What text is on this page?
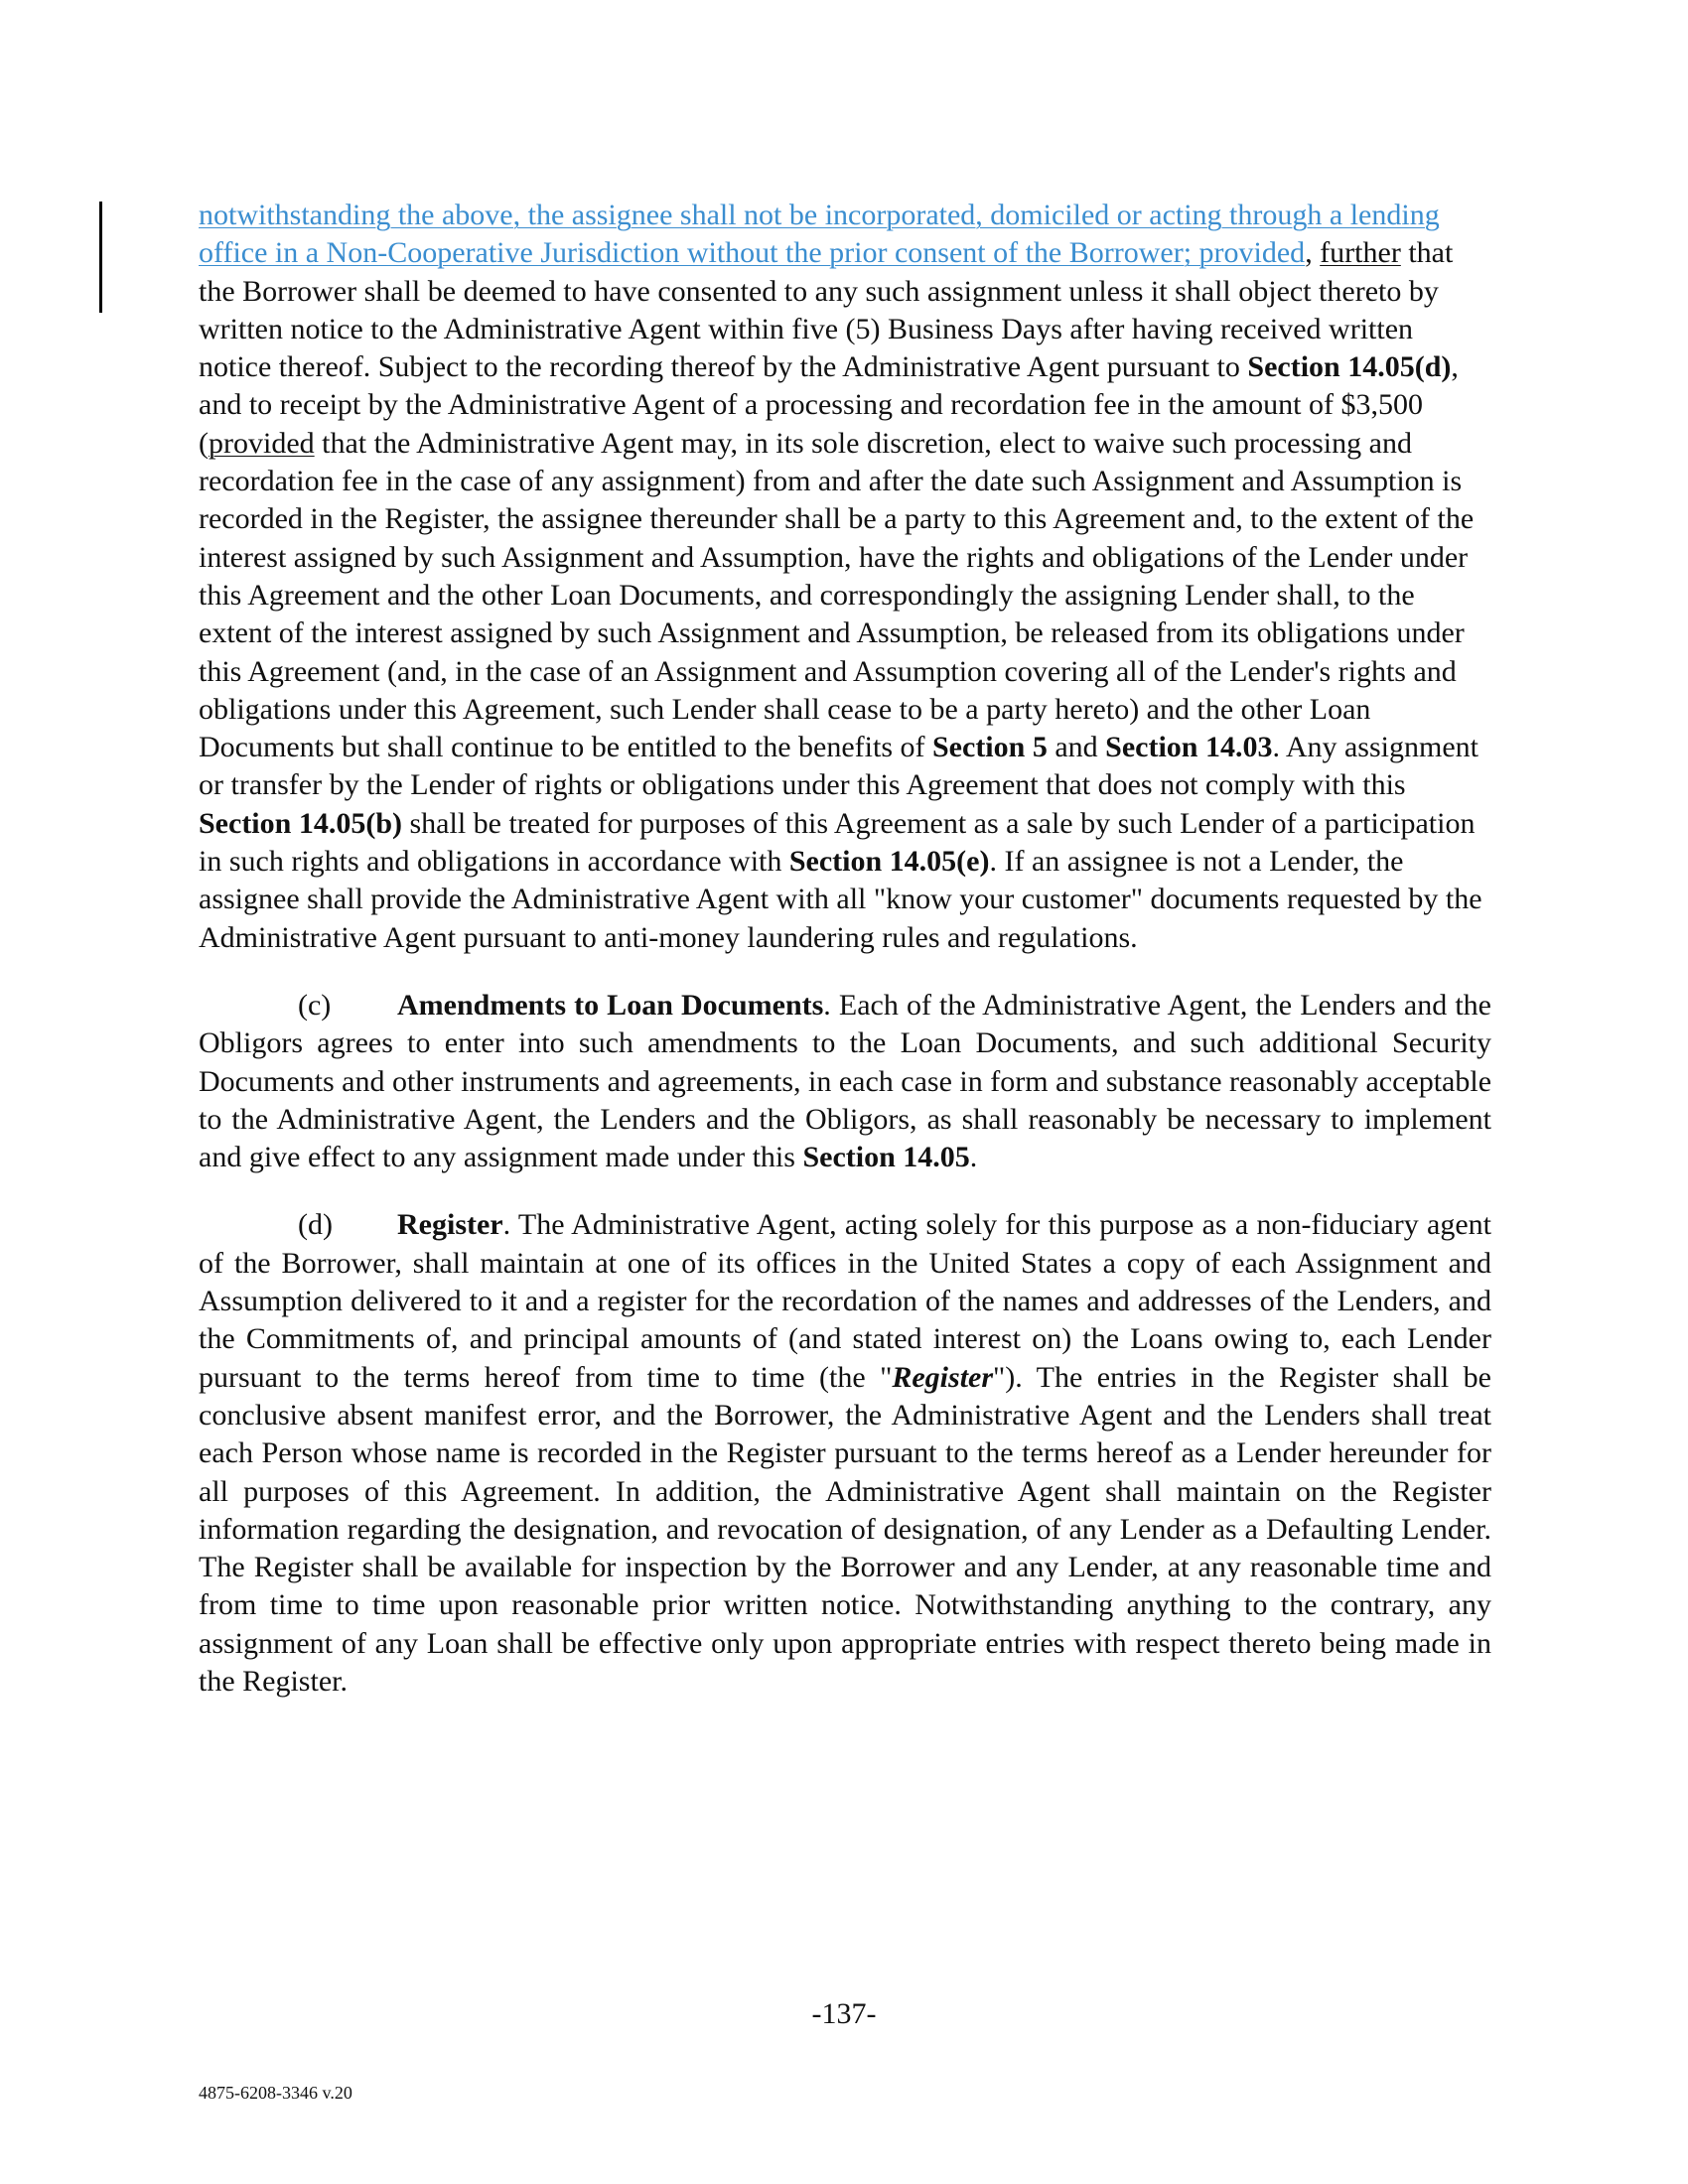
notwithstanding the above, the assignee shall not be incorporated, domiciled or acting through a lending office in a Non-Cooperative Jurisdiction without the prior consent of the Borrower; provided, further that the Borrower shall be deemed to have consented to any such assignment unless it shall object thereto by written notice to the Administrative Agent within five (5) Business Days after having received written notice thereof. Subject to the recording thereof by the Administrative Agent pursuant to Section 14.05(d), and to receipt by the Administrative Agent of a processing and recordation fee in the amount of $3,500 (provided that the Administrative Agent may, in its sole discretion, elect to waive such processing and recordation fee in the case of any assignment) from and after the date such Assignment and Assumption is recorded in the Register, the assignee thereunder shall be a party to this Agreement and, to the extent of the interest assigned by such Assignment and Assumption, have the rights and obligations of the Lender under this Agreement and the other Loan Documents, and correspondingly the assigning Lender shall, to the extent of the interest assigned by such Assignment and Assumption, be released from its obligations under this Agreement (and, in the case of an Assignment and Assumption covering all of the Lender's rights and obligations under this Agreement, such Lender shall cease to be a party hereto) and the other Loan Documents but shall continue to be entitled to the benefits of Section 5 and Section 14.03. Any assignment or transfer by the Lender of rights or obligations under this Agreement that does not comply with this Section 14.05(b) shall be treated for purposes of this Agreement as a sale by such Lender of a participation in such rights and obligations in accordance with Section 14.05(e). If an assignee is not a Lender, the assignee shall provide the Administrative Agent with all "know your customer" documents requested by the Administrative Agent pursuant to anti-money laundering rules and regulations.

(c) Amendments to Loan Documents. Each of the Administrative Agent, the Lenders and the Obligors agrees to enter into such amendments to the Loan Documents, and such additional Security Documents and other instruments and agreements, in each case in form and substance reasonably acceptable to the Administrative Agent, the Lenders and the Obligors, as shall reasonably be necessary to implement and give effect to any assignment made under this Section 14.05.

(d) Register. The Administrative Agent, acting solely for this purpose as a non-fiduciary agent of the Borrower, shall maintain at one of its offices in the United States a copy of each Assignment and Assumption delivered to it and a register for the recordation of the names and addresses of the Lenders, and the Commitments of, and principal amounts of (and stated interest on) the Loans owing to, each Lender pursuant to the terms hereof from time to time (the "Register"). The entries in the Register shall be conclusive absent manifest error, and the Borrower, the Administrative Agent and the Lenders shall treat each Person whose name is recorded in the Register pursuant to the terms hereof as a Lender hereunder for all purposes of this Agreement. In addition, the Administrative Agent shall maintain on the Register information regarding the designation, and revocation of designation, of any Lender as a Defaulting Lender. The Register shall be available for inspection by the Borrower and any Lender, at any reasonable time and from time to time upon reasonable prior written notice. Notwithstanding anything to the contrary, any assignment of any Loan shall be effective only upon appropriate entries with respect thereto being made in the Register.

-137-
4875-6208-3346 v.20
